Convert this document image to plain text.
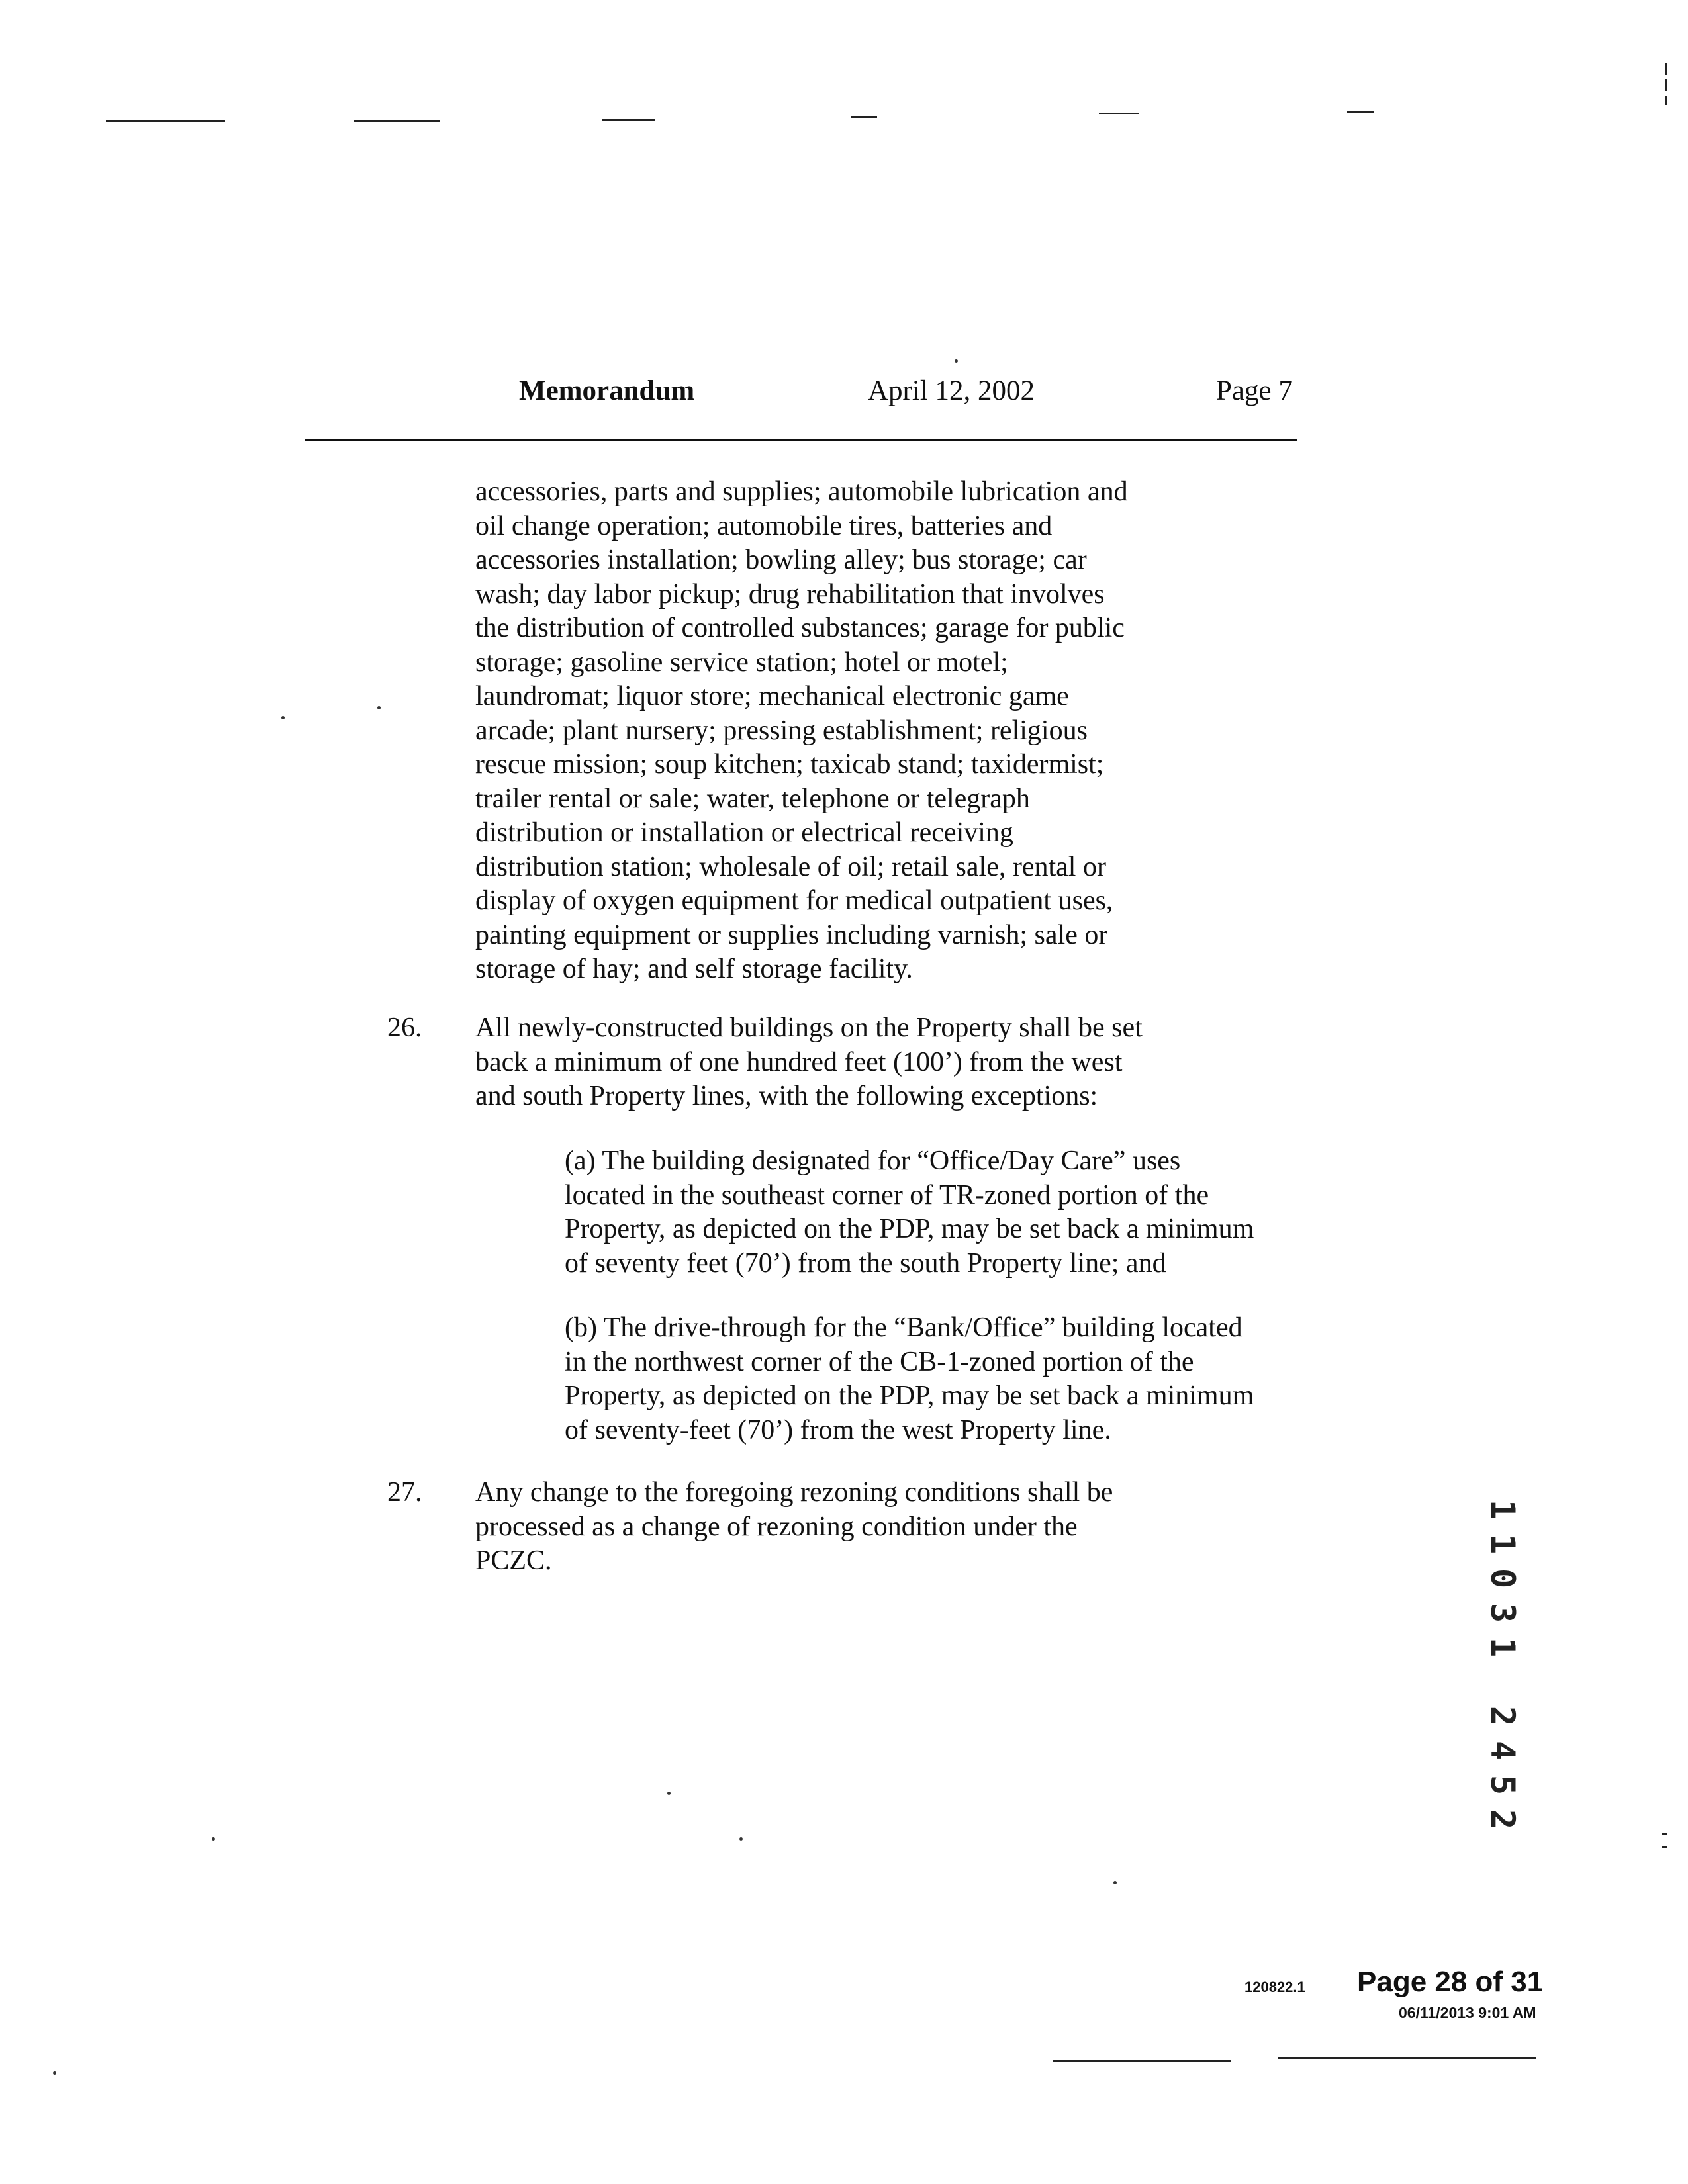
Memorandum	April 12, 2002	Page 7
accessories, parts and supplies; automobile lubrication and
oil change operation; automobile tires, batteries and
accessories installation; bowling alley; bus storage; car
wash; day labor pickup; drug rehabilitation that involves
the distribution of controlled substances; garage for public
storage; gasoline service station; hotel or motel;
laundromat; liquor store; mechanical electronic game
arcade; plant nursery; pressing establishment; religious
rescue mission; soup kitchen; taxicab stand; taxidermist;
trailer rental or sale; water, telephone or telegraph
distribution or installation or electrical receiving
distribution station; wholesale of oil; retail sale, rental or
display of oxygen equipment for medical outpatient uses,
painting equipment or supplies including varnish; sale or
storage of hay; and self storage facility.
26. All newly-constructed buildings on the Property shall be set
back a minimum of one hundred feet (100’) from the west
and south Property lines, with the following exceptions:
(a) The building designated for “Office/Day Care” uses
located in the southeast corner of TR-zoned portion of the
Property, as depicted on the PDP, may be set back a minimum
of seventy feet (70’) from the south Property line; and
(b) The drive-through for the “Bank/Office” building located
in the northwest corner of the CB-1-zoned portion of the
Property, as depicted on the PDP, may be set back a minimum
of seventy-feet (70’) from the west Property line.
27. Any change to the foregoing rezoning conditions shall be
processed as a change of rezoning condition under the
PCZC.
1
1
0
3
1

2
4
5
2
120822.1 Page 28 of 31
06/11/2013 9:01 AM
